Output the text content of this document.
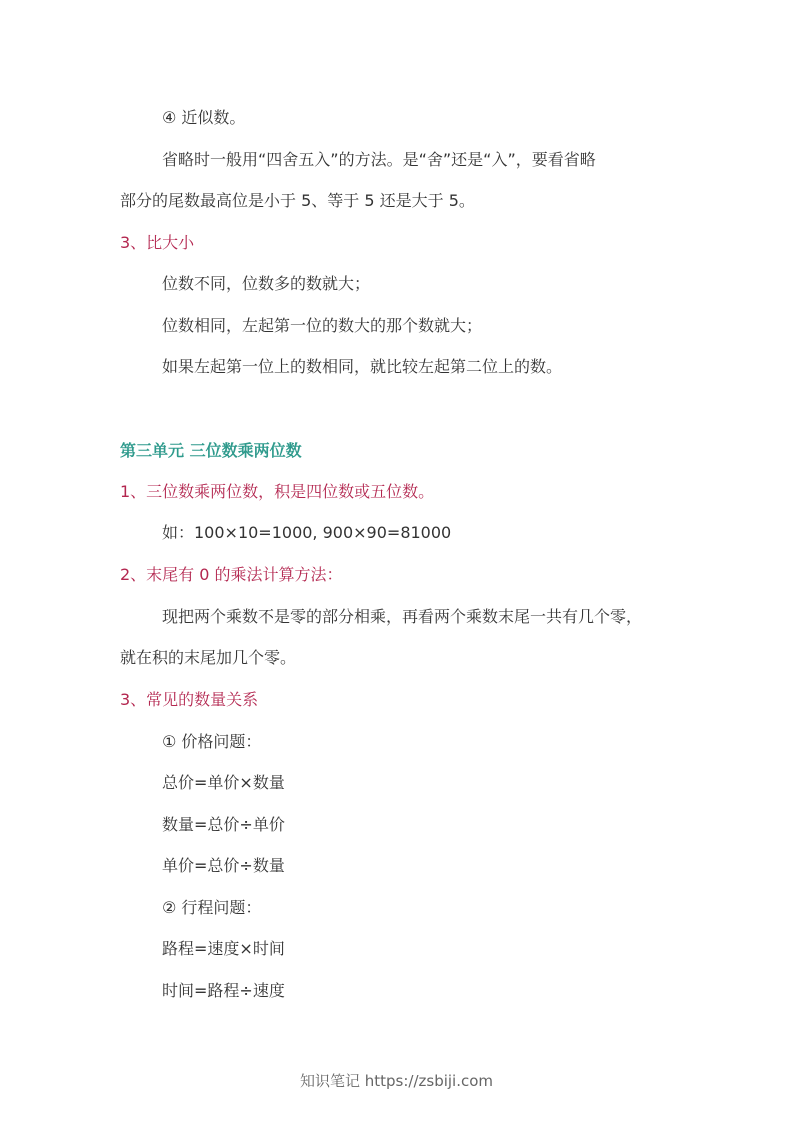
④ 近似数。
省略时一般用“四舍五入”的方法。是“舍”还是“入”，要看省略
部分的尾数最高位是小于 5、等于 5 还是大于 5。
3、比大小
位数不同，位数多的数就大；
位数相同，左起第一位的数大的那个数就大；
如果左起第一位上的数相同，就比较左起第二位上的数。
第三单元 三位数乘两位数
1、三位数乘两位数，积是四位数或五位数。
如：100×10=1000, 900×90=81000
2、末尾有 0 的乘法计算方法：
现把两个乘数不是零的部分相乘，再看两个乘数末尾一共有几个零，
就在积的末尾加几个零。
3、常见的数量关系
① 价格问题：
总价=单价×数量
数量=总价÷单价
单价=总价÷数量
② 行程问题：
路程=速度×时间
时间=路程÷速度
知识笔记 https://zsbiji.com
